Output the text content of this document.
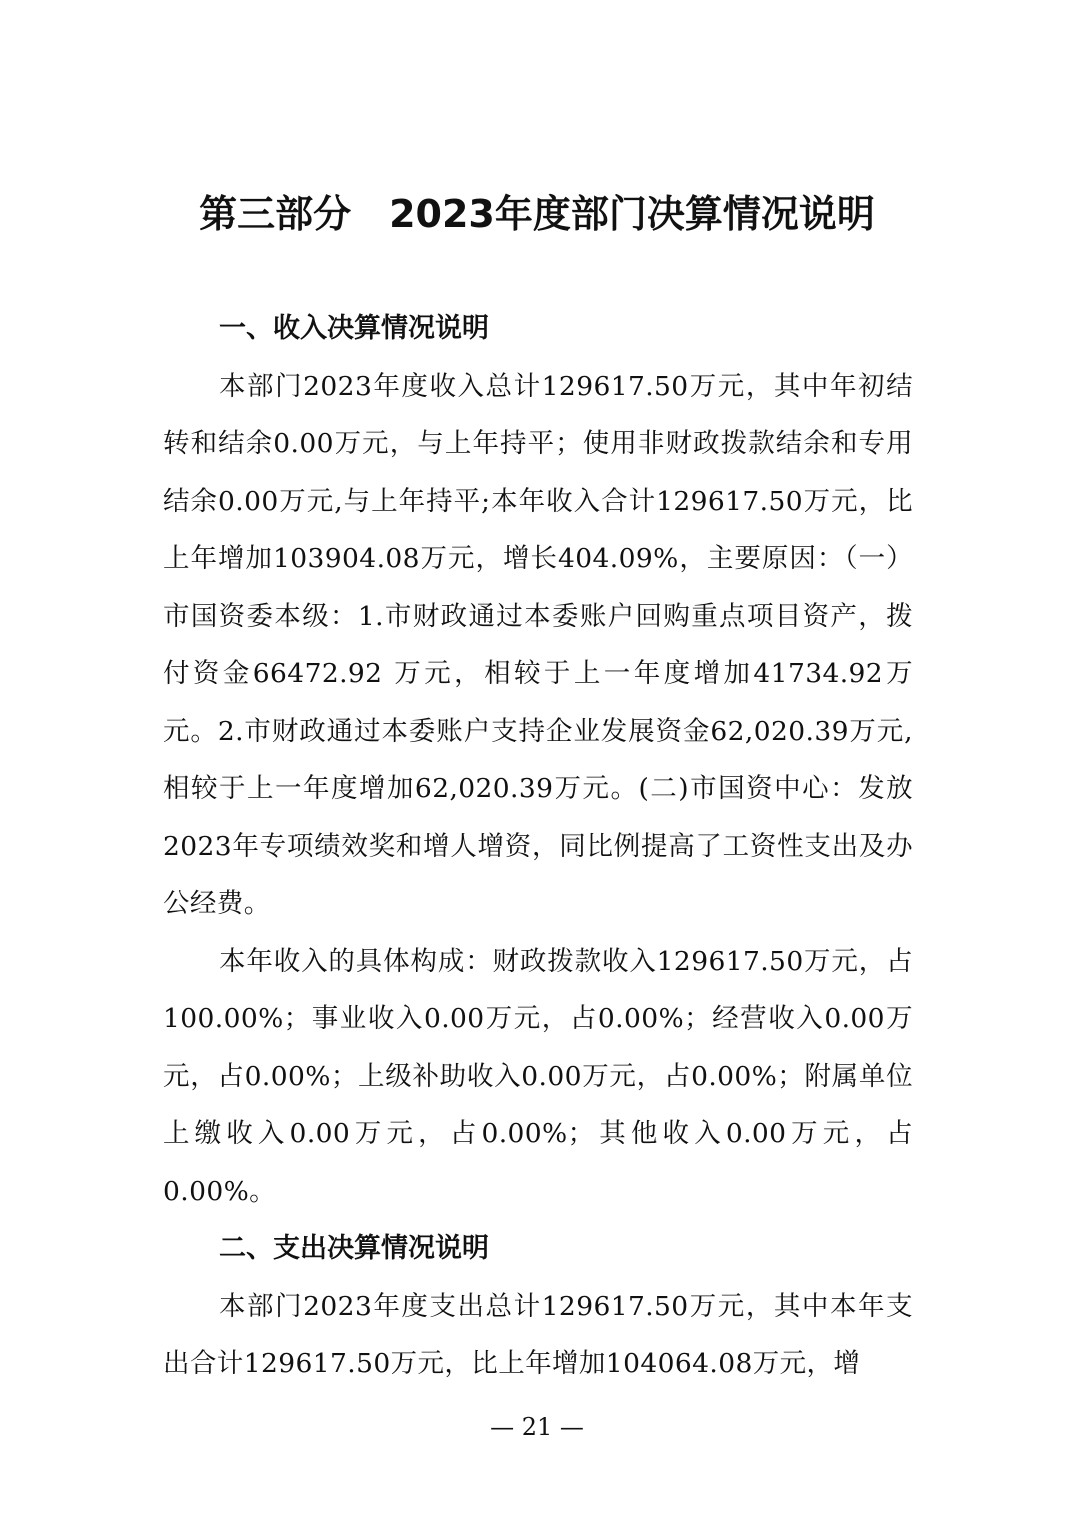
第三部分　2023年度部门决算情况说明

一、收入决算情况说明

本部门2023年度收入总计129617.50万元，其中年初结转和结余0.00万元，与上年持平；使用非财政拨款结余和专用结余0.00万元,与上年持平;本年收入合计129617.50万元，比上年增加103904.08万元，增长404.09%，主要原因：（一）市国资委本级：1.市财政通过本委账户回购重点项目资产，拨付资金66472.92 万元，相较于上一年度增加41734.92万元。2.市财政通过本委账户支持企业发展资金62,020.39万元,相较于上一年度增加62,020.39万元。(二)市国资中心：发放2023年专项绩效奖和增人增资，同比例提高了工资性支出及办公经费。

本年收入的具体构成：财政拨款收入129617.50万元，占100.00%；事业收入0.00万元，占0.00%；经营收入0.00万元，占0.00%；上级补助收入0.00万元，占0.00%；附属单位上缴收入0.00万元，占0.00%；其他收入0.00万元，占0.00%。

二、支出决算情况说明

本部门2023年度支出总计129617.50万元，其中本年支出合计129617.50万元，比上年增加104064.08万元，增

— 21 —
